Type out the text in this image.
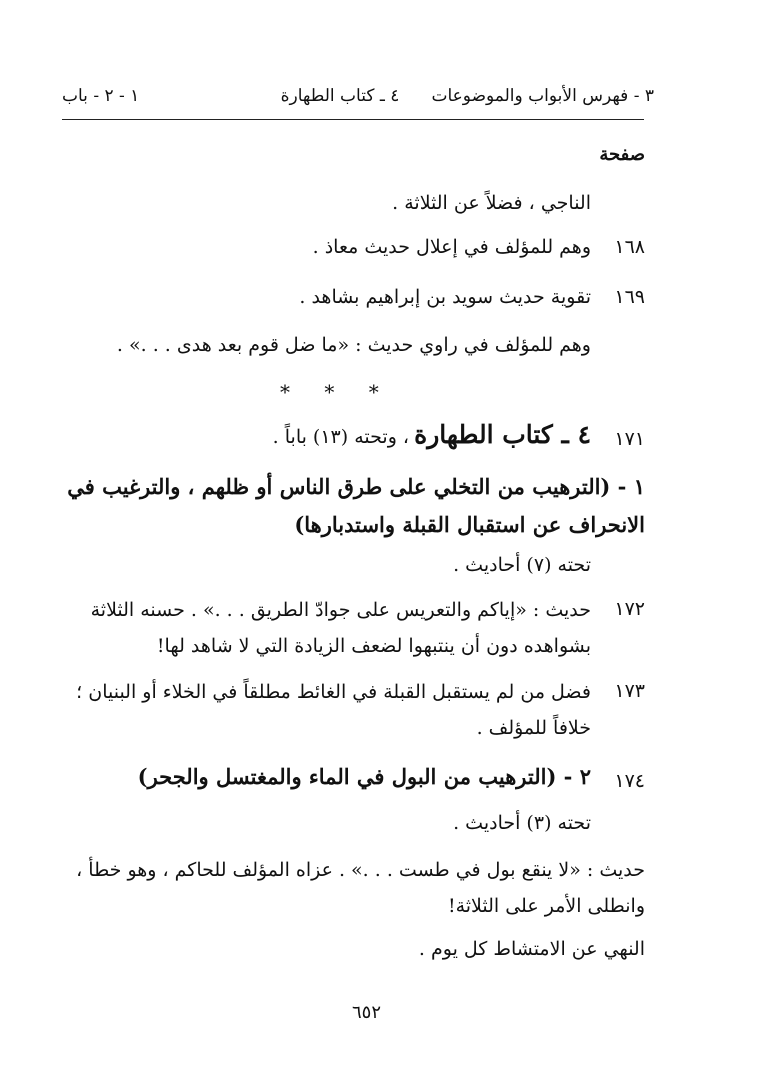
٣ - فهرس الأبواب والموضوعات
٤ ـ كتاب الطهارة
١ - ٢ - باب
صفحة
الناجي ، فضلاً عن الثلاثة .
١٦٨
وهم للمؤلف في إعلال حديث معاذ .
١٦٩
تقوية حديث سويد بن إبراهيم بشاهد .
وهم للمؤلف في راوي حديث : «ما ضل قوم بعد هدى . . .» .
* * *
١٧١
٤ ـ كتاب الطهارة ، وتحته (١٣) باباً .
١ - (الترهيب من التخلي على طرق الناس أو ظلهم ، والترغيب في الانحراف عن استقبال القبلة واستدبارها)
تحته (٧) أحاديث .
١٧٢
حديث : «إياكم والتعريس على جوادّ الطريق . . .» . حسنه الثلاثة بشواهده دون أن ينتبهوا لضعف الزيادة التي لا شاهد لها!
١٧٣
فضل من لم يستقبل القبلة في الغائط مطلقاً في الخلاء أو البنيان ؛ خلافاً للمؤلف .
١٧٤
٢ - (الترهيب من البول في الماء والمغتسل والجحر)
تحته (٣) أحاديث .
حديث : «لا ينقع بول في طست . . .» . عزاه المؤلف للحاكم ، وهو خطأ ، وانطلى الأمر على الثلاثة!
النهي عن الامتشاط كل يوم .
٦٥٢
